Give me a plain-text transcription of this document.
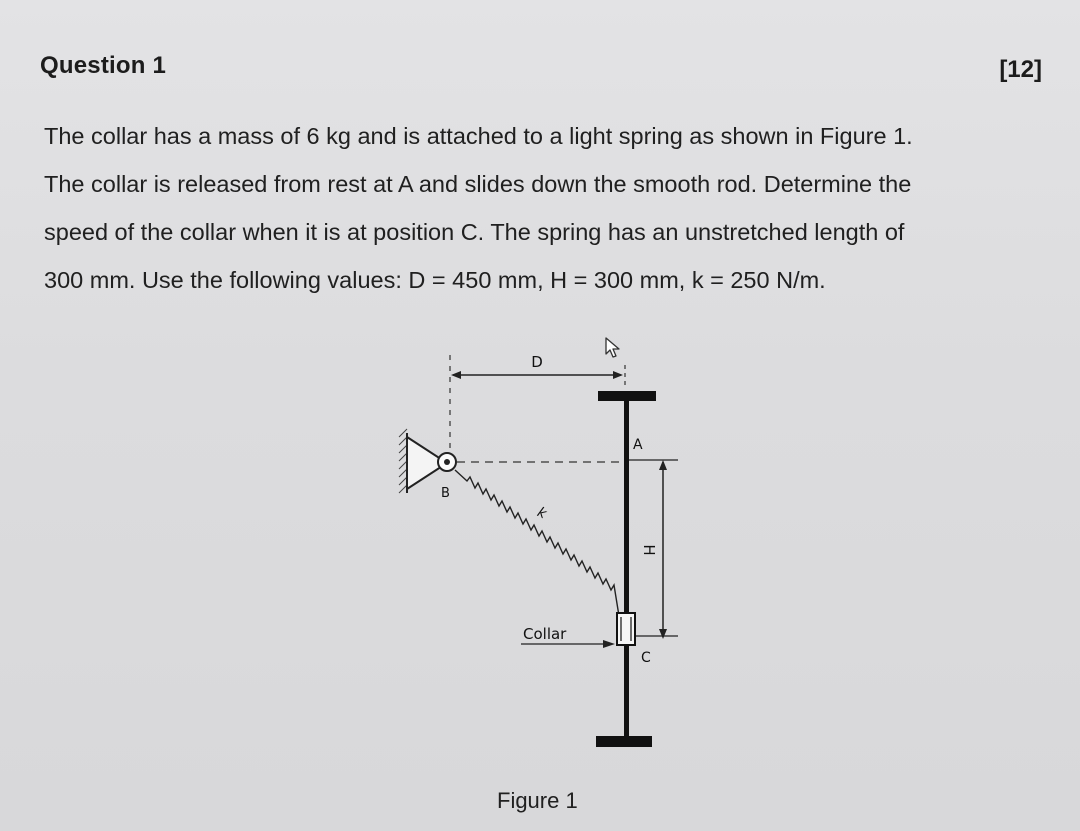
Question 1	[12]
The collar has a mass of 6 kg and is attached to a light spring as shown in Figure 1.
The collar is released from rest at A and slides down the smooth rod. Determine the
speed of the collar when it is at position C. The spring has an unstretched length of
300 mm. Use the following values: D = 450 mm, H = 300 mm, k = 250 N/m.
D
A
H
C
B
k
Collar
Figure 1
